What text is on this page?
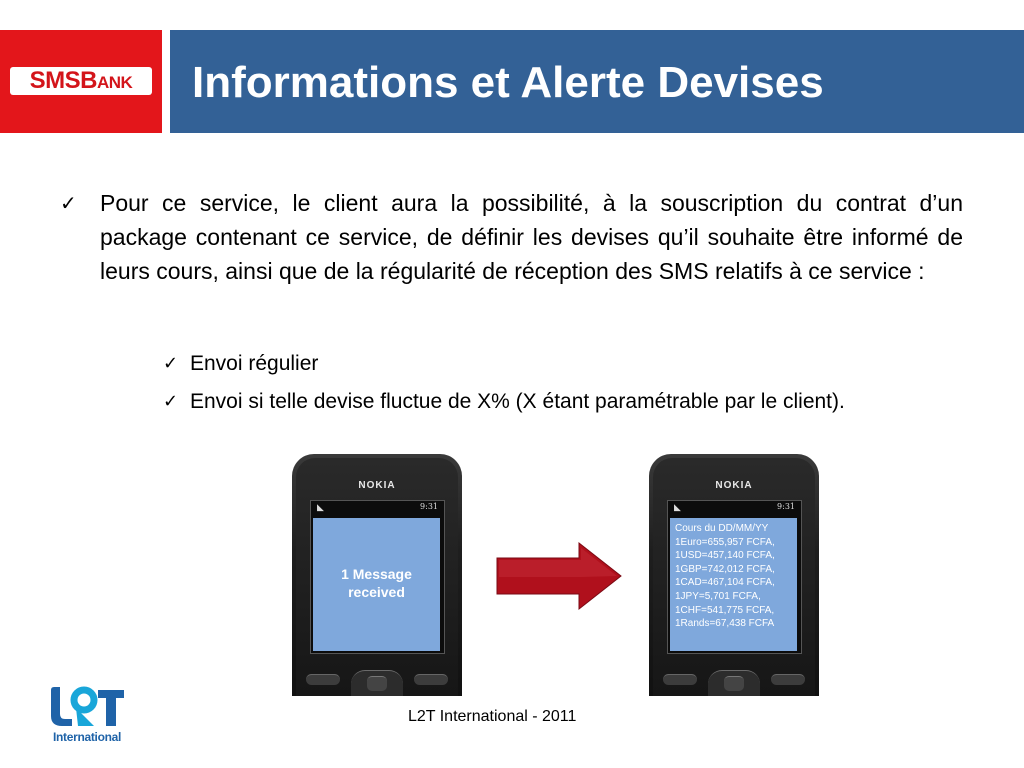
SMSBANK Informations et Alerte Devises
✓	Pour ce service, le client aura la possibilité, à la souscription du contrat d’un package contenant ce service, de définir les devises qu’il souhaite être informé de leurs cours, ainsi que de la régularité de réception des SMS relatifs à ce service :
✓ Envoi régulier
✓ Envoi si telle devise fluctue de X% (X étant paramétrable par le client).
NOKIA
◣	9:31
1 Message
received
NOKIA
◣	9:31
Cours du DD/MM/YY
1Euro=655,957 FCFA,
1USD=457,140 FCFA,
1GBP=742,012 FCFA,
1CAD=467,104 FCFA,
1JPY=5,701 FCFA,
1CHF=541,775 FCFA,
1Rands=67,438 FCFA
International
L2T International - 2011
